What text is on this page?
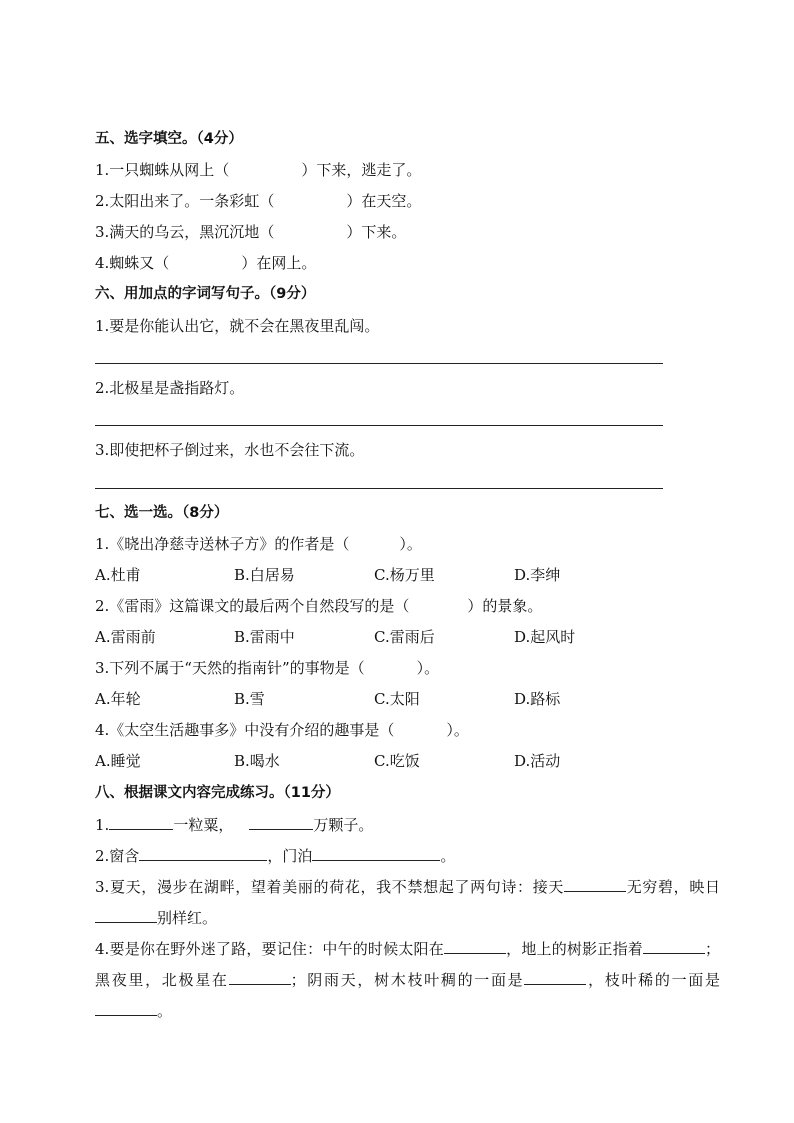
五、选字填空。（4分）
1.一只蜘蛛从网上（	）下来，逃走了。
2.太阳出来了。一条彩虹（	）在天空。
3.满天的乌云，黑沉沉地（	）下来。
4.蜘蛛又（	）在网上。
六、用加点的字词写句子。（9分）
1.要是你能认出它，就不会在黑夜里乱闯。
2.北极星是盏指路灯。
3.即使把杯子倒过来，水也不会往下流。
七、选一选。（8分）
1.《晓出净慈寺送林子方》的作者是（	）。
A.杜甫	B.白居易	C.杨万里	D.李绅
2.《雷雨》这篇课文的最后两个自然段写的是（	）的景象。
A.雷雨前	B.雷雨中	C.雷雨后	D.起风时
3.下列不属于“天然的指南针”的事物是（	）。
A.年轮	B.雪	C.太阳	D.路标
4.《太空生活趣事多》中没有介绍的趣事是（	）。
A.睡觉	B.喝水	C.吃饭	D.活动
八、根据课文内容完成练习。（11分）
1.	一粒粟，	万颗子。
2.窗含	，门泊	。
3.夏天，漫步在湖畔，望着美丽的荷花，我不禁想起了两句诗：接天	无穷碧，映日别样红。
4.要是你在野外迷了路，要记住：中午的时候太阳在	，地上的树影正指着	；黑夜里，北极星在	；阴雨天，树木枝叶稠的一面是	，枝叶稀的一面是。
